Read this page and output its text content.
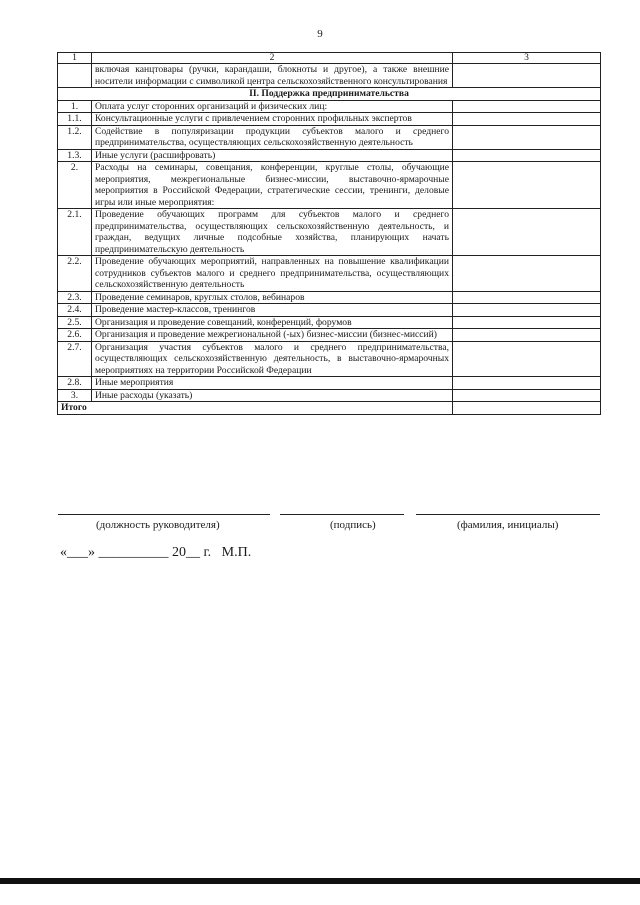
9
1	2	3
	включая канцтовары (ручки, карандаши, блокноты и другое), а также внешние носители информации с символикой центра сельскохозяйственного консультирования	
II. Поддержка предпринимательства		
1.	Оплата услуг сторонних организаций и физических лиц:	
1.1.	Консультационные услуги с привлечением сторонних профильных экспертов	
1.2.	Содействие в популяризации продукции субъектов малого и среднего предпринимательства, осуществляющих сельскохозяйственную деятельность	
1.3.	Иные услуги (расшифровать)	
2.	Расходы на семинары, совещания, конференции, круглые столы, обучающие мероприятия, межрегиональные бизнес-миссии, выставочно-ярмарочные мероприятия в Российской Федерации, стратегические сессии, тренинги, деловые игры или иные мероприятия:	
2.1.	Проведение обучающих программ для субъектов малого и среднего предпринимательства, осуществляющих сельскохозяйственную деятельность, и граждан, ведущих личные подсобные хозяйства, планирующих начать предпринимательскую деятельность	
2.2.	Проведение обучающих мероприятий, направленных на повышение квалификации сотрудников субъектов малого и среднего предпринимательства, осуществляющих сельскохозяйственную деятельность	
2.3.	Проведение семинаров, круглых столов, вебинаров	
2.4.	Проведение мастер-классов, тренингов	
2.5.	Организация и проведение совещаний, конференций, форумов	
2.6.	Организация и проведение межрегиональной (-ых) бизнес-миссии (бизнес-миссий)	
2.7.	Организация участия субъектов малого и среднего предпринимательства, осуществляющих сельскохозяйственную деятельность, в выставочно-ярмарочных мероприятиях на территории Российской Федерации	
2.8.	Иные мероприятия	
3.	Иные расходы (указать)	
Итого		
(должность руководителя)	(подпись)	(фамилия, инициалы)
«___» __________ 20__ г.   М.П.
